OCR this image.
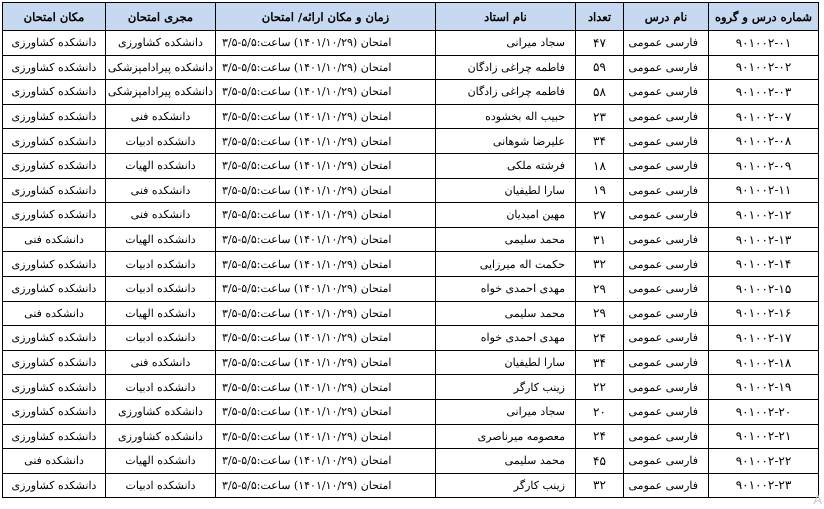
شماره درس و گروه	نام درس	تعداد	نام استاد	زمان و مکان ارائه/ امتحان	مجری امتحان	مکان امتحان
۹۰۱۰۰۲-۰۱	فارسی عمومی	۴۷	سجاد میرانی	امتحان (۱۴۰۱/۱۰/۲۹) ساعت:۵/۵-۳/۵	دانشکده کشاورزی	دانشکده کشاورزی
۹۰۱۰۰۲-۰۲	فارسی عمومی	۵۹	فاطمه چراغی زادگان	امتحان (۱۴۰۱/۱۰/۲۹) ساعت:۵/۵-۳/۵	دانشکده پیرادامپزشکی	دانشکده کشاورزی
۹۰۱۰۰۲-۰۳	فارسی عمومی	۵۸	فاطمه چراغی زادگان	امتحان (۱۴۰۱/۱۰/۲۹) ساعت:۵/۵-۳/۵	دانشکده پیرادامپزشکی	دانشکده کشاورزی
۹۰۱۰۰۲-۰۷	فارسی عمومی	۲۳	حبیب اله بخشوده	امتحان (۱۴۰۱/۱۰/۲۹) ساعت:۵/۵-۳/۵	دانشکده فنی	دانشکده کشاورزی
۹۰۱۰۰۲-۰۸	فارسی عمومی	۳۴	علیرضا شوهانی	امتحان (۱۴۰۱/۱۰/۲۹) ساعت:۵/۵-۳/۵	دانشکده ادبیات	دانشکده کشاورزی
۹۰۱۰۰۲-۰۹	فارسی عمومی	۱۸	فرشته ملکی	امتحان (۱۴۰۱/۱۰/۲۹) ساعت:۵/۵-۳/۵	دانشکده الهیات	دانشکده کشاورزی
۹۰۱۰۰۲-۱۱	فارسی عمومی	۱۹	سارا لطیفیان	امتحان (۱۴۰۱/۱۰/۲۹) ساعت:۵/۵-۳/۵	دانشکده فنی	دانشکده کشاورزی
۹۰۱۰۰۲-۱۲	فارسی عمومی	۲۷	مهین امیدیان	امتحان (۱۴۰۱/۱۰/۲۹) ساعت:۵/۵-۳/۵	دانشکده فنی	دانشکده کشاورزی
۹۰۱۰۰۲-۱۳	فارسی عمومی	۳۱	محمد سلیمی	امتحان (۱۴۰۱/۱۰/۲۹) ساعت:۵/۵-۳/۵	دانشکده الهیات	دانشکده فنی
۹۰۱۰۰۲-۱۴	فارسی عمومی	۳۲	حکمت اله میرزایی	امتحان (۱۴۰۱/۱۰/۲۹) ساعت:۵/۵-۳/۵	دانشکده ادبیات	دانشکده کشاورزی
۹۰۱۰۰۲-۱۵	فارسی عمومی	۲۹	مهدی احمدی خواه	امتحان (۱۴۰۱/۱۰/۲۹) ساعت:۵/۵-۳/۵	دانشکده ادبیات	دانشکده کشاورزی
۹۰۱۰۰۲-۱۶	فارسی عمومی	۲۹	محمد سلیمی	امتحان (۱۴۰۱/۱۰/۲۹) ساعت:۵/۵-۳/۵	دانشکده الهیات	دانشکده فنی
۹۰۱۰۰۲-۱۷	فارسی عمومی	۲۴	مهدی احمدی خواه	امتحان (۱۴۰۱/۱۰/۲۹) ساعت:۵/۵-۳/۵	دانشکده ادبیات	دانشکده کشاورزی
۹۰۱۰۰۲-۱۸	فارسی عمومی	۳۴	سارا لطیفیان	امتحان (۱۴۰۱/۱۰/۲۹) ساعت:۵/۵-۳/۵	دانشکده فنی	دانشکده کشاورزی
۹۰۱۰۰۲-۱۹	فارسی عمومی	۲۲	زینب کارگر	امتحان (۱۴۰۱/۱۰/۲۹) ساعت:۵/۵-۳/۵	دانشکده ادبیات	دانشکده کشاورزی
۹۰۱۰۰۲-۲۰	فارسی عمومی	۲۰	سجاد میرانی	امتحان (۱۴۰۱/۱۰/۲۹) ساعت:۵/۵-۳/۵	دانشکده کشاورزی	دانشکده کشاورزی
۹۰۱۰۰۲-۲۱	فارسی عمومی	۲۴	معصومه میرناصری	امتحان (۱۴۰۱/۱۰/۲۹) ساعت:۵/۵-۳/۵	دانشکده کشاورزی	دانشکده کشاورزی
۹۰۱۰۰۲-۲۲	فارسی عمومی	۴۵	محمد سلیمی	امتحان (۱۴۰۱/۱۰/۲۹) ساعت:۵/۵-۳/۵	دانشکده الهیات	دانشکده فنی
۹۰۱۰۰۲-۲۳	فارسی عمومی	۳۲	زینب کارگر	امتحان (۱۴۰۱/۱۰/۲۹) ساعت:۵/۵-۳/۵	دانشکده ادبیات	دانشکده کشاورزی
A
